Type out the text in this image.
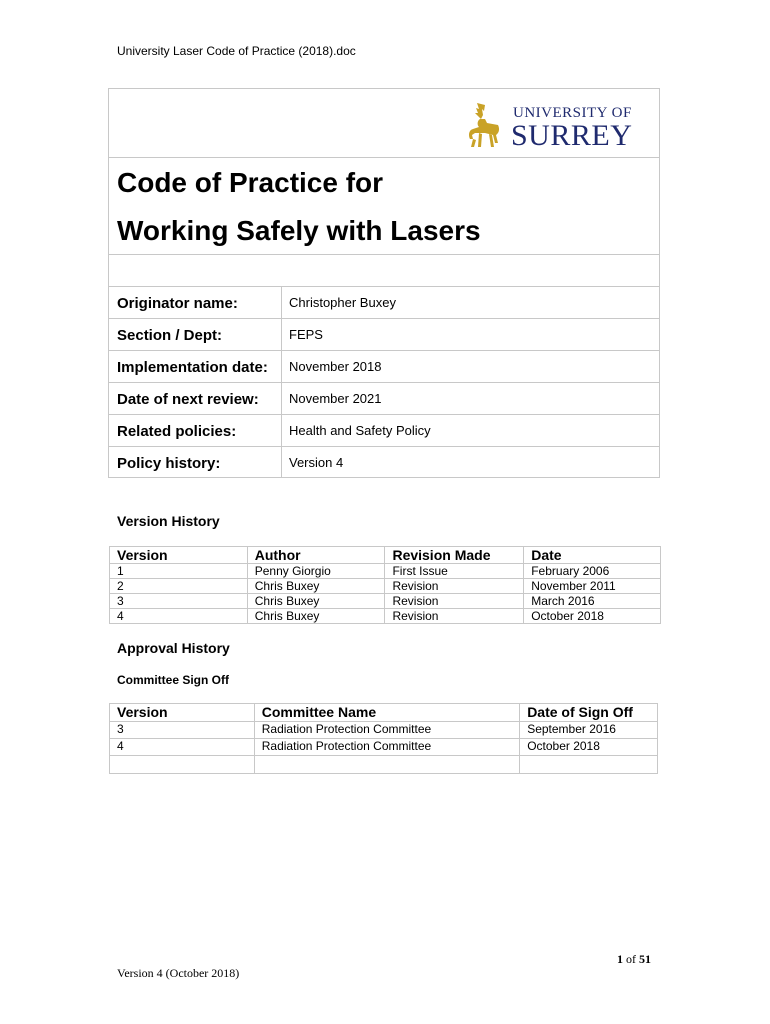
University Laser Code of Practice (2018).doc
UNIVERSITY OF
SURREY
Code of Practice for
Working Safely with Lasers
Originator name:	Christopher Buxey
Section / Dept:	FEPS
Implementation date: November 2018
Date of next review: November 2021
Related policies:	Health and Safety Policy
Policy history:	Version 4
Version History
Version	Author	Revision Made	Date
1	Penny Giorgio	First Issue	February 2006
2	Chris Buxey	Revision	November 2011
3	Chris Buxey	Revision	March 2016
4	Chris Buxey	Revision	October 2018
Approval History
Committee Sign Off
Version	Committee Name	Date of Sign Off
3	Radiation Protection Committee	September 2016
4	Radiation Protection Committee	October 2018

1 of 51
Version 4 (October 2018)
